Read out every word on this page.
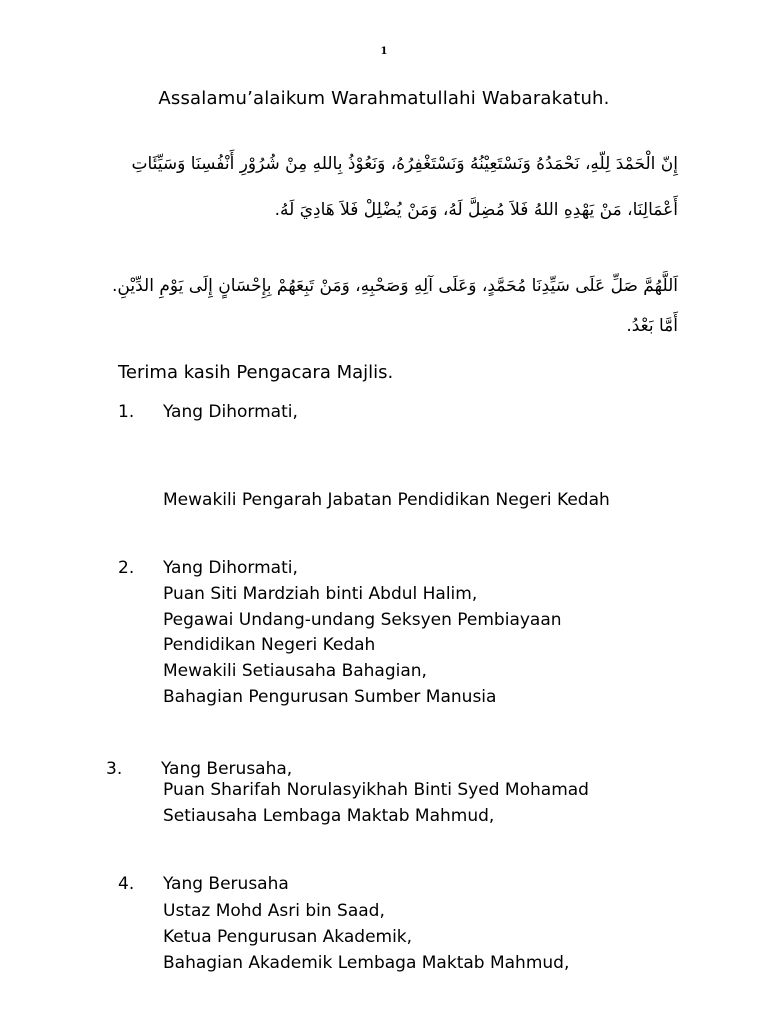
1
Assalamu’alaikum Warahmatullahi Wabarakatuh.
إِنّ الْحَمْدَ لِلّهِ، نَحْمَدُهُ وَنَسْتَعِيْنُهُ وَنَسْتَغْفِرُهُ، وَنَعُوْذُ بِاللهِ مِنْ شُرُوْرِ أَنْفُسِنَا وَسَيِّئَاتِ
أَعْمَالِنَا، مَنْ يَهْدِهِ اللهُ فَلاَ مُضِلَّ لَهُ، وَمَنْ يُضْلِلْ فَلاَ هَادِيَ لَهُ.
اَللَّهُمَّ صَلِّ عَلَى سَيِّدِنَا مُحَمَّدٍ، وَعَلَى آلِهِ وَصَحْبِهِ، وَمَنْ تَبِعَهُمْ بِإِحْسَانٍ إِلَى يَوْمِ الدِّيْنِ.
أَمَّا بَعْدُ.
Terima kasih Pengacara Majlis.
1. Yang Dihormati,
Mewakili Pengarah Jabatan Pendidikan Negeri Kedah
2. Yang Dihormati,
Puan Siti Mardziah binti Abdul Halim,
Pegawai Undang-undang Seksyen Pembiayaan
Pendidikan Negeri Kedah
Mewakili Setiausaha Bahagian,
Bahagian Pengurusan Sumber Manusia
3. Yang Berusaha,
Puan Sharifah Norulasyikhah Binti Syed Mohamad
Setiausaha Lembaga Maktab Mahmud,
4. Yang Berusaha
Ustaz Mohd Asri bin Saad,
Ketua Pengurusan Akademik,
Bahagian Akademik Lembaga Maktab Mahmud,
